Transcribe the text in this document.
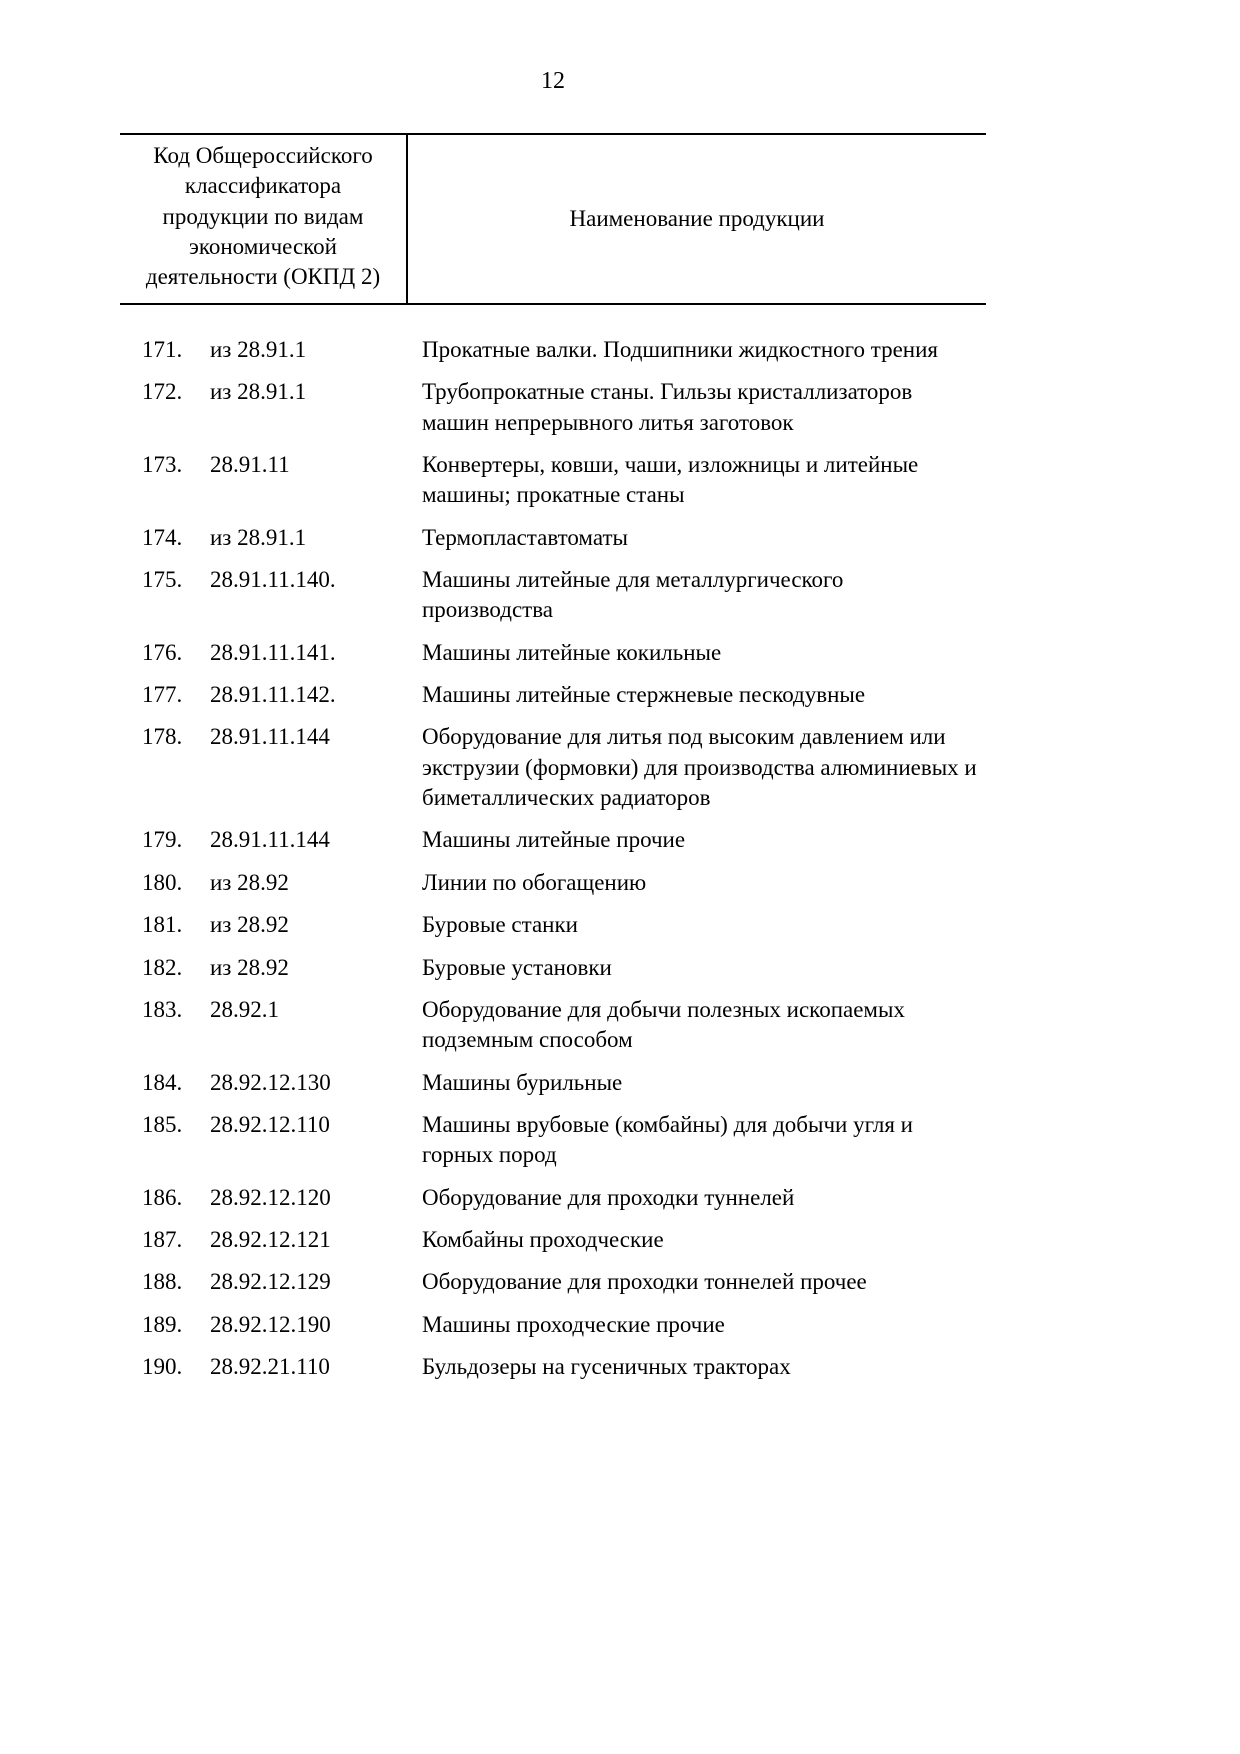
12
Код Общероссийского классификатора продукции по видам экономической деятельности (ОКПД 2)
Наименование продукции
171.	из 28.91.1	Прокатные валки. Подшипники жидкостного трения
172.	из 28.91.1	Трубопрокатные станы. Гильзы кристаллизаторов машин непрерывного литья заготовок
173.	28.91.11	Конвертеры, ковши, чаши, изложницы и литейные машины; прокатные станы
174.	из 28.91.1	Термопластавтоматы
175.	28.91.11.140.	Машины литейные для металлургического производства
176.	28.91.11.141.	Машины литейные кокильные
177.	28.91.11.142.	Машины литейные стержневые пескодувные
178.	28.91.11.144	Оборудование для литья под высоким давлением или экструзии (формовки) для производства алюминиевых и биметаллических радиаторов
179.	28.91.11.144	Машины литейные прочие
180.	из 28.92	Линии по обогащению
181.	из 28.92	Буровые станки
182.	из 28.92	Буровые установки
183.	28.92.1	Оборудование для добычи полезных ископаемых подземным способом
184.	28.92.12.130	Машины бурильные
185.	28.92.12.110	Машины врубовые (комбайны) для добычи угля и горных пород
186.	28.92.12.120	Оборудование для проходки туннелей
187.	28.92.12.121	Комбайны проходческие
188.	28.92.12.129	Оборудование для проходки тоннелей прочее
189.	28.92.12.190	Машины проходческие прочие
190.	28.92.21.110	Бульдозеры на гусеничных тракторах
